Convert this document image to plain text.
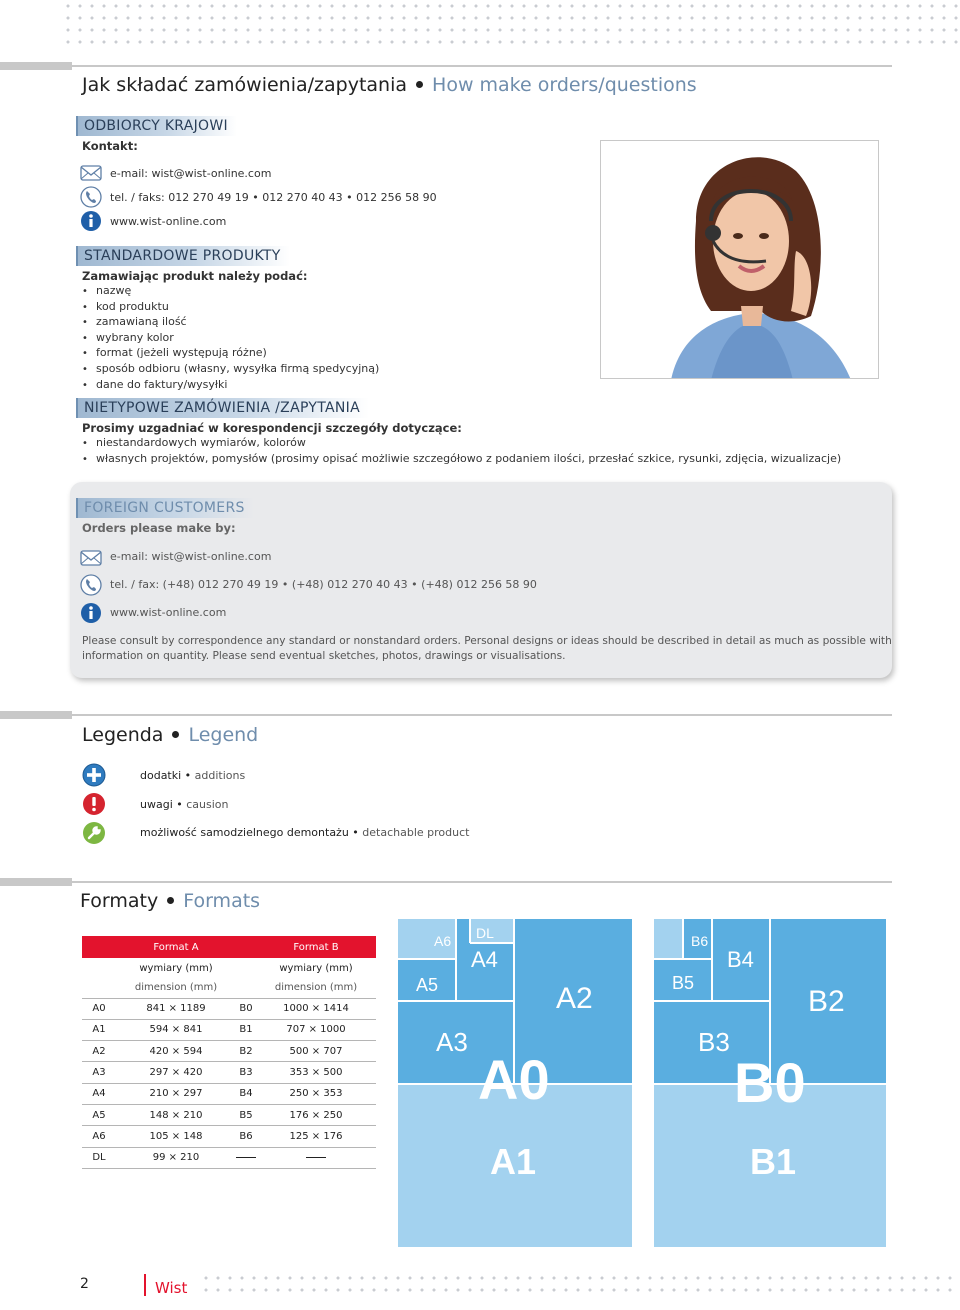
Jak składać zamówienia/zapytania How make orders/questions
ODBIORCY KRAJOWI
Kontakt:
e-mail: wist@wist-online.com
tel. / faks: 012 270 49 19 • 012 270 40 43 • 012 256 58 90
www.wist-online.com
STANDARDOWE PRODUKTY
Zamawiając produkt należy podać:
• nazwę
• kod produktu
• zamawianą ilość
• wybrany kolor
• format (jeżeli występują różne)
• sposób odbioru (własny, wysyłka firmą spedycyjną)
• dane do faktury/wysyłki
NIETYPOWE ZAMÓWIENIA /ZAPYTANIA
Prosimy uzgadniać w korespondencji szczegóły dotyczące:
• niestandardowych wymiarów, kolorów
• własnych projektów, pomysłów (prosimy opisać możliwie szczegółowo z podaniem ilości, przesłać szkice, rysunki, zdjęcia, wizualizacje)
FOREIGN CUSTOMERS
Orders please make by:
e-mail: wist@wist-online.com
tel. / fax: (+48) 012 270 49 19 • (+48) 012 270 40 43 • (+48) 012 256 58 90
www.wist-online.com
Please consult by correspondence any standard or nonstandard orders. Personal designs or ideas should be described in detail as much as possible with
information on quantity. Please send eventual sketches, photos, drawings or visualisations.
Legenda Legend
dodatki • additions
uwagi • causion
możliwość samodzielnego demontażu • detachable product
Formaty Formats
	Format A		Format B
	wymiary (mm)		wymiary (mm)
	dimension (mm)		dimension (mm)
A0	841 × 1189	B0	1000 × 1414
A1	594 × 841	B1	707 × 1000
A2	420 × 594	B2	500 × 707
A3	297 × 420	B3	353 × 500
A4	210 × 297	B4	250 × 353
A5	148 × 210	B5	176 × 250
A6	105 × 148	B6	125 × 176
DL	99 × 210		
A6 DL
A4
A5	A2
A3
A0
A1
B6
B4
B5
B2
B3
B0
B1
2	Wist
